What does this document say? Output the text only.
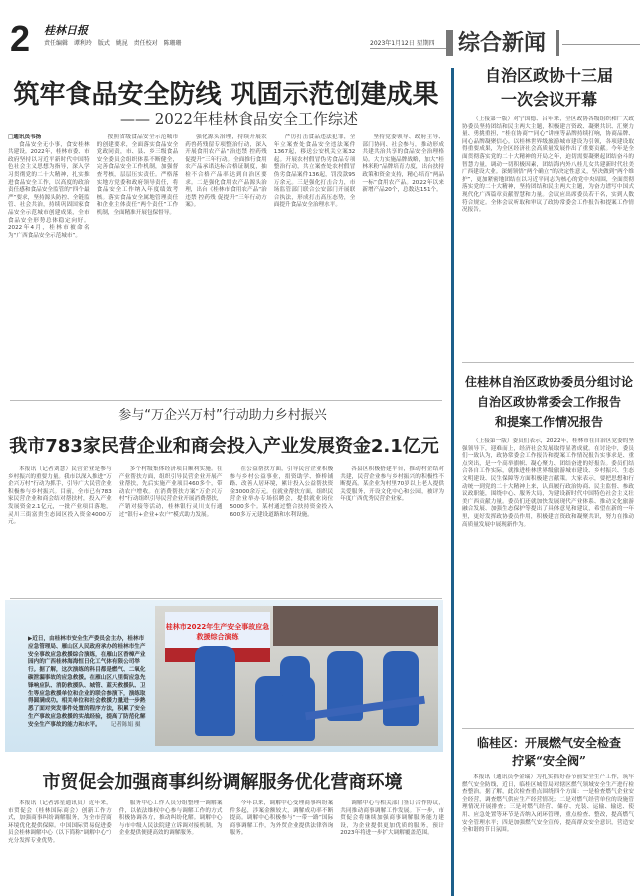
2 桂林日报
责任编辑 谭利玲 版式 姚昆 责任校对 陈珊珊	2023年1月12日 星期四 综合新闻
筑牢食品安全防线 巩固示范创建成果
—— 2022年桂林食品安全工作综述

□通讯员韦扬

食品安全无小事，食安桂林共建设。2022年，桂林市委、市政府坚持以习近平新时代中国特色社会主义思想为指导，深入学习贯彻党的二十大精神，扎实推进食品安全工作，以高度的政治责任感和食品安全监管的“四个最严”要求，坚持源头防控、全链监管、社会共治，持续巩固国家食品安全示范城市创建成果，全市食品安全形势总体稳定向好。2022年4月，桂林市被命名为“广西食品安全示范城市”。

按照省级食品安全示范城市的创建要求，全面落实食品安全党政同责，市、县、乡三级食品安全委员会组织体系不断健全，完善食品安全工作机制，加强督查考核，层层压实责任。严格落实地方党委和政府领导责任，将食品安全工作纳入年度绩效考核。落实食品安全属地管理责任和企业主体责任“两个责任”工作机制，全面精准开展包保督导。

强化源头治理，持续开展农药兽药残留专项整治行动，深入开展食用农产品“治违禁 控药残 促提升”三年行动。全面推行食用农产品承诺达标合格证制度，抽检不合格产品率达到自治区要求。二是强化食用农产品源头治理，出台《桂林市食用农产品“治违禁 控药残 促提升”三年行动方案》。

严厉打击食品违法犯罪，全年立案查处食品安全违法案件1367起，移送公安机关立案32起。开展农村假冒伪劣食品专项整治行动，共立案查处农村假冒伪劣食品案件136起，罚没款95万余元。三是强化打击合力，市场监管部门联合公安部门开展联合执法，形成打击高压态势，全面提升食品安全治理水平。

坚持党委领导、政府主导、部门协同、社会参与，推动形成共建共治共享的食品安全治理格局。大力实施品牌战略，加大“桂林米粉”品牌培育力度，出台扶持政策和资金支持，精心培育“两品一标”食用农产品。2022年以来新增产品20个，总数达151个。

参与“万企兴万村”行动助力乡村振兴
我市783家民营企业和商会投入产业发展资金2.1亿元

本报讯（记者刘慧）民营企业是参与乡村振兴的重要力量。我市以深入推进“万企兴万村”行动为抓手，引导广大民营企业积极参与乡村振兴。目前，全市已有783家民营企业和商会结对帮扶村，投入产业发展资金2.1亿元，一批产业项目落地，灵川三街富贵生态园区投入资金4000万元。

多个村级集体经济项目顺利实施。在产业帮扶方面，组织引导民营企业开展产业帮扶，先后实施产业项目460多个，带动农户增收。在消费帮扶方案“万企兴万村”行动组织引导民营企业开展消费帮扶，产销对接等活动，桂林银行灵川支行通过“银行+企业+农户”模式助力发展。

在公益帮扶方面，引导民营企业积极参与乡村公益事业，捐资助学、修桥铺路、改善人居环境，累计投入公益帮扶资金3000余万元。在就业帮扶方面，组织民营企业举办专场招聘会，提供就业岗位5000多个。某村通过整合扶持资金投入600多万元建设道路和水利设施。

各县区积极搭建平台，推动村企结对共建，民营企业参与乡村振兴的积极性不断提高。某企业为村里70岁以上老人提供关爱服务，开设文化中心和公园，被评为年度广西优秀民营企业家。

▶近日，由桂林市安全生产委员会主办，桂林市应急管理局、雁山区人民政府承办的桂林市生产安全事故应急救援综合演练，在雁山区香樟产业园内的广西桂林海海恒日化工气体有限公司举行。据了解，这次演练的科目都是燃气、二氧化碳泄漏事故的应急救援。在雁山区八里街应急先锋响应队、消防救援队、城管、蓝天救援队、卫生等应急救援单位和企业的联合参演下，演练取得圆满成功。相关单位和社会救援力量进一步熟悉了面对突发事件处置的程序方法，积累了安全生产事故应急救援的实战经验，提高了防范化解安全生产事故的能力和水平。 记者陈娟 摄
桂林市2022年生产安全事故应急救援综合演练
市贸促会加强商事纠纷调解服务优化营商环境

本报讯（记者郭星通讯员）近年来，市贸促会（桂林国际商会）创新工作方式，加强商事纠纷调解服务，为全市营商环境优化提供保障。中国国际贸易促进委员会桂林调解中心（以下简称“调解中心”）充分发挥专业优势。

服务中心工作人员分组整理一调解案件，以依法维权中心参与调解工作的方式积极协调各方，推动纠纷化解。调解中心与市中级人民法院建立诉调对接机制，为企业提供便捷高效的调解服务。

今年以来，调解中心受理商事纠纷案件多起，涉案金额较大，调解成功率不断提高。调解中心积极参与“一带一路”国际商事调解工作，为外贸企业提供法律咨询服务。

调解中心与相关部门签订合作协议，共同推动商事调解工作发展。下一步，市贸促会将继续加强商事调解服务能力建设，为企业提供更加优质的服务，预计2023年将进一步扩大调解覆盖范围。

自治区政协十三届
一次会议开幕

（上接第一版）对宁国德、吕年来，全区政协各级组织和广大政协委员坚持团结和民主两大主题，积极建言资政、凝聚共识、汇聚力量、勇挑重担，“桂在协商”“同心”讲座等品牌持续打响，协商品牌、同心品牌凝聚信心。以桂林世界级旅游城市建设为引领，各项建设取得重要成果，为全区经济社会高质量发展作出了重要贡献。今年是全面贯彻落实党的二十大精神的开局之年，迫切需要凝聚起团结奋斗的智慧力量，调动一切积极因素，团结海内外八桂儿女共建新时代壮美广西建设大业。深刻领悟“两个确立”的决定性意义，坚决做到“两个维护”，更加紧密地团结在以习近平同志为核心的党中央周围，全面贯彻落实党的二十大精神，坚持团结和民主两大主题，为奋力谱写中国式现代化广西篇章贡献智慧和力量。会议应出席委员若干名，实到人数符合规定。全体会议听取和审议了政协常委会工作报告和提案工作情况报告。

住桂林自治区政协委员分组讨论
自治区政协常委会工作报告
和提案工作情况报告

（上接第一版）委员们表示，2022年，桂林市在自治区党委的坚强领导下，迎难而上，经济社会发展取得显著成就。在讨论中，委员们一致认为，政协常委会工作报告和提案工作情况报告实事求是、重点突出，是一个高举旗帜、凝心聚力、团结奋进的好报告。委员们结合各自工作实际，就推进桂林世界级旅游城市建设、乡村振兴、生态文明建设、民生保障等方面积极建言献策。大家表示，要把思想和行动统一到党的二十大精神上来，认真履行政治协商、民主监督、参政议政职能，围绕中心、服务大局，为建设新时代中国特色社会主义壮美广西贡献力量。委员们还就加快发展现代产业体系、推动文化旅游融合发展、加强生态保护等提出了具体意见和建议，希望在新的一年里，更好发挥政协委员作用，积极建言资政和凝聚共识，努力在推动高质量发展中展现新作为。

临桂区：开展燃气安全检查
拧紧“安全阀”

本报讯（通讯员李金瑞）为扎实抓好春节前安全生产工作，筑牢燃气安全防线，近日，临桂区城管局对辖区燃气领域安全生产进行检查整治。据了解，此次检查重点围绕四个方面：一是检查燃气企业安全经营，调查燃气供应生产经营情况；二是对燃气经营单位的设施管理情况开展排查；三是对燃气经营、储存、充装、运输、输送、使用、应急处置等环节是否纳入闭环管理，重点检查、整改，提高燃气安全管理水平；四是加强燃气安全宣传，提高群众安全意识，营造安全和谐的节日氛围。
